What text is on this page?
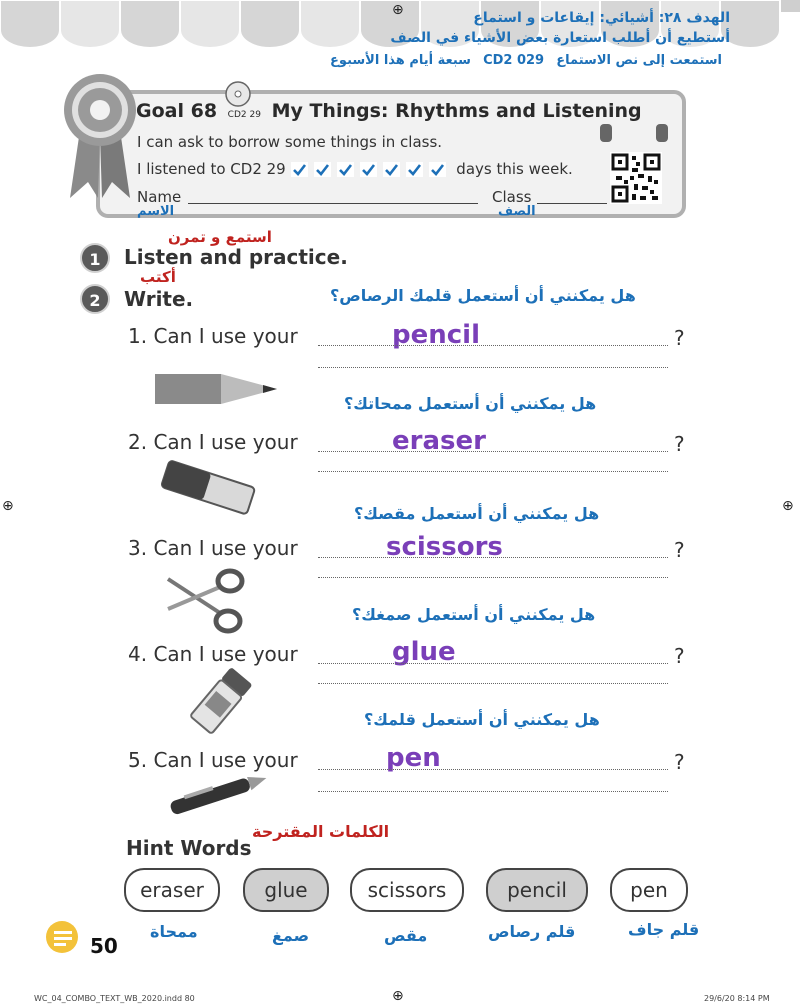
⊕	الهدف ٢٨: أشيائي: إيقاعات و استماع
أستطيع أن أطلب استعارة بعض الأشياء في الصف
استمعت إلى نص الاستماع CD2 029 سبعة أيام هذا الأسبوع
Goal 68 CD2 29 My Things: Rhythms and Listening
I can ask to borrow some things in class.
I listened to CD2 29	days this week.
Name
الاسم
Class
الصف
استمع و تمرن
1	Listen and practice.
أكتب
2	Write.	هل يمكنني أن أستعمل قلمك الرصاص؟
1. Can I use your	pencil	?
هل يمكنني أن أستعمل ممحاتك؟
2. Can I use your	eraser	?
هل يمكنني أن أستعمل مقصك؟
3. Can I use your	scissors	?
هل يمكنني أن أستعمل صمغك؟
4. Can I use your	glue	?
هل يمكنني أن أستعمل قلمك؟
5. Can I use your	pen	?
الكلمات المقترحة
Hint Words
eraser	glue	scissors	pencil	pen
ممحاة	صمغ	مقص	قلم رصاص	قلم جاف
50
⊕	⊕
⊕
WC_04_COMBO_TEXT_WB_2020.indd 80	29/6/20 8:14 PM
